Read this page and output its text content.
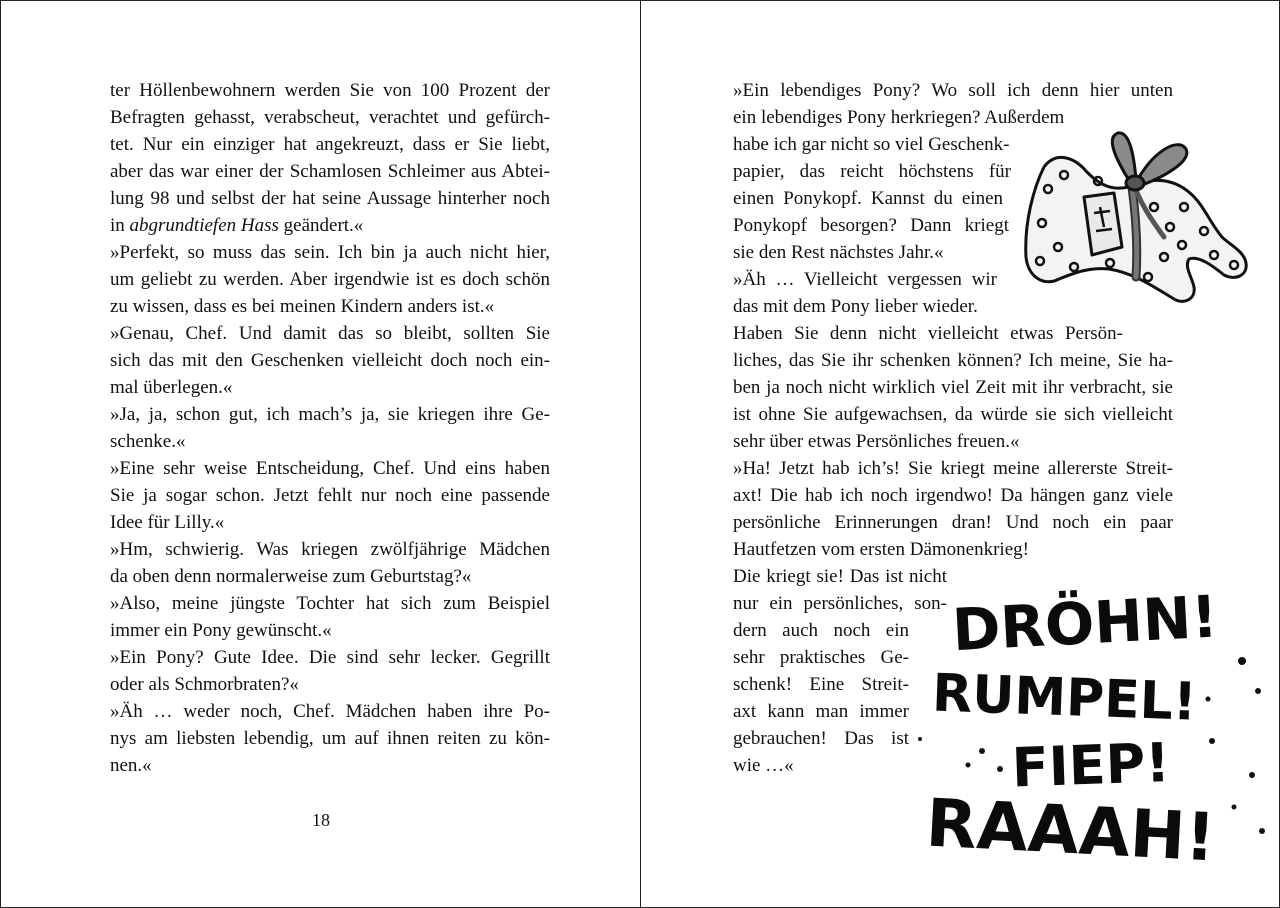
ter Höllenbewohnern werden Sie von 100 Prozent der
Befragten gehasst, verabscheut, verachtet und gefürch-
tet. Nur ein einziger hat angekreuzt, dass er Sie liebt,
aber das war einer der Schamlosen Schleimer aus Abtei-
lung 98 und selbst der hat seine Aussage hinterher noch
in abgrundtiefen Hass geändert.«
»Perfekt, so muss das sein. Ich bin ja auch nicht hier,
um geliebt zu werden. Aber irgendwie ist es doch schön
zu wissen, dass es bei meinen Kindern anders ist.«
»Genau, Chef. Und damit das so bleibt, sollten Sie
sich das mit den Geschenken vielleicht doch noch ein-
mal überlegen.«
»Ja, ja, schon gut, ich mach’s ja, sie kriegen ihre Ge-
schenke.«
»Eine sehr weise Entscheidung, Chef. Und eins haben
Sie ja sogar schon. Jetzt fehlt nur noch eine passende
Idee für Lilly.«
»Hm, schwierig. Was kriegen zwölfjährige Mädchen
da oben denn normalerweise zum Geburtstag?«
»Also, meine jüngste Tochter hat sich zum Beispiel
immer ein Pony gewünscht.«
»Ein Pony? Gute Idee. Die sind sehr lecker. Gegrillt
oder als Schmorbraten?«
»Äh … weder noch, Chef. Mädchen haben ihre Po-
nys am liebsten lebendig, um auf ihnen reiten zu kön-
nen.«
18
»Ein lebendiges Pony? Wo soll ich denn hier unten
ein lebendiges Pony herkriegen? Außerdem
habe ich gar nicht so viel Geschenk-
papier, das reicht höchstens für
einen Ponykopf. Kannst du einen
Ponykopf besorgen? Dann kriegt
sie den Rest nächstes Jahr.«
»Äh … Vielleicht vergessen wir
das mit dem Pony lieber wieder.
Haben Sie denn nicht vielleicht etwas Persön-
liches, das Sie ihr schenken können? Ich meine, Sie ha-
ben ja noch nicht wirklich viel Zeit mit ihr verbracht, sie
ist ohne Sie aufgewachsen, da würde sie sich vielleicht
sehr über etwas Persönliches freuen.«
»Ha! Jetzt hab ich’s! Sie kriegt meine allererste Streit-
axt! Die hab ich noch irgendwo! Da hängen ganz viele
persönliche Erinnerungen dran! Und noch ein paar
Hautfetzen vom ersten Dämonenkrieg!
Die kriegt sie! Das ist nicht
nur ein persönliches, son-
dern auch noch ein
sehr praktisches Ge-
schenk! Eine Streit-
axt kann man immer
gebrauchen! Das ist
wie …«
DRÖHN!
RUMPEL!
FIEP!
RAAAH!
